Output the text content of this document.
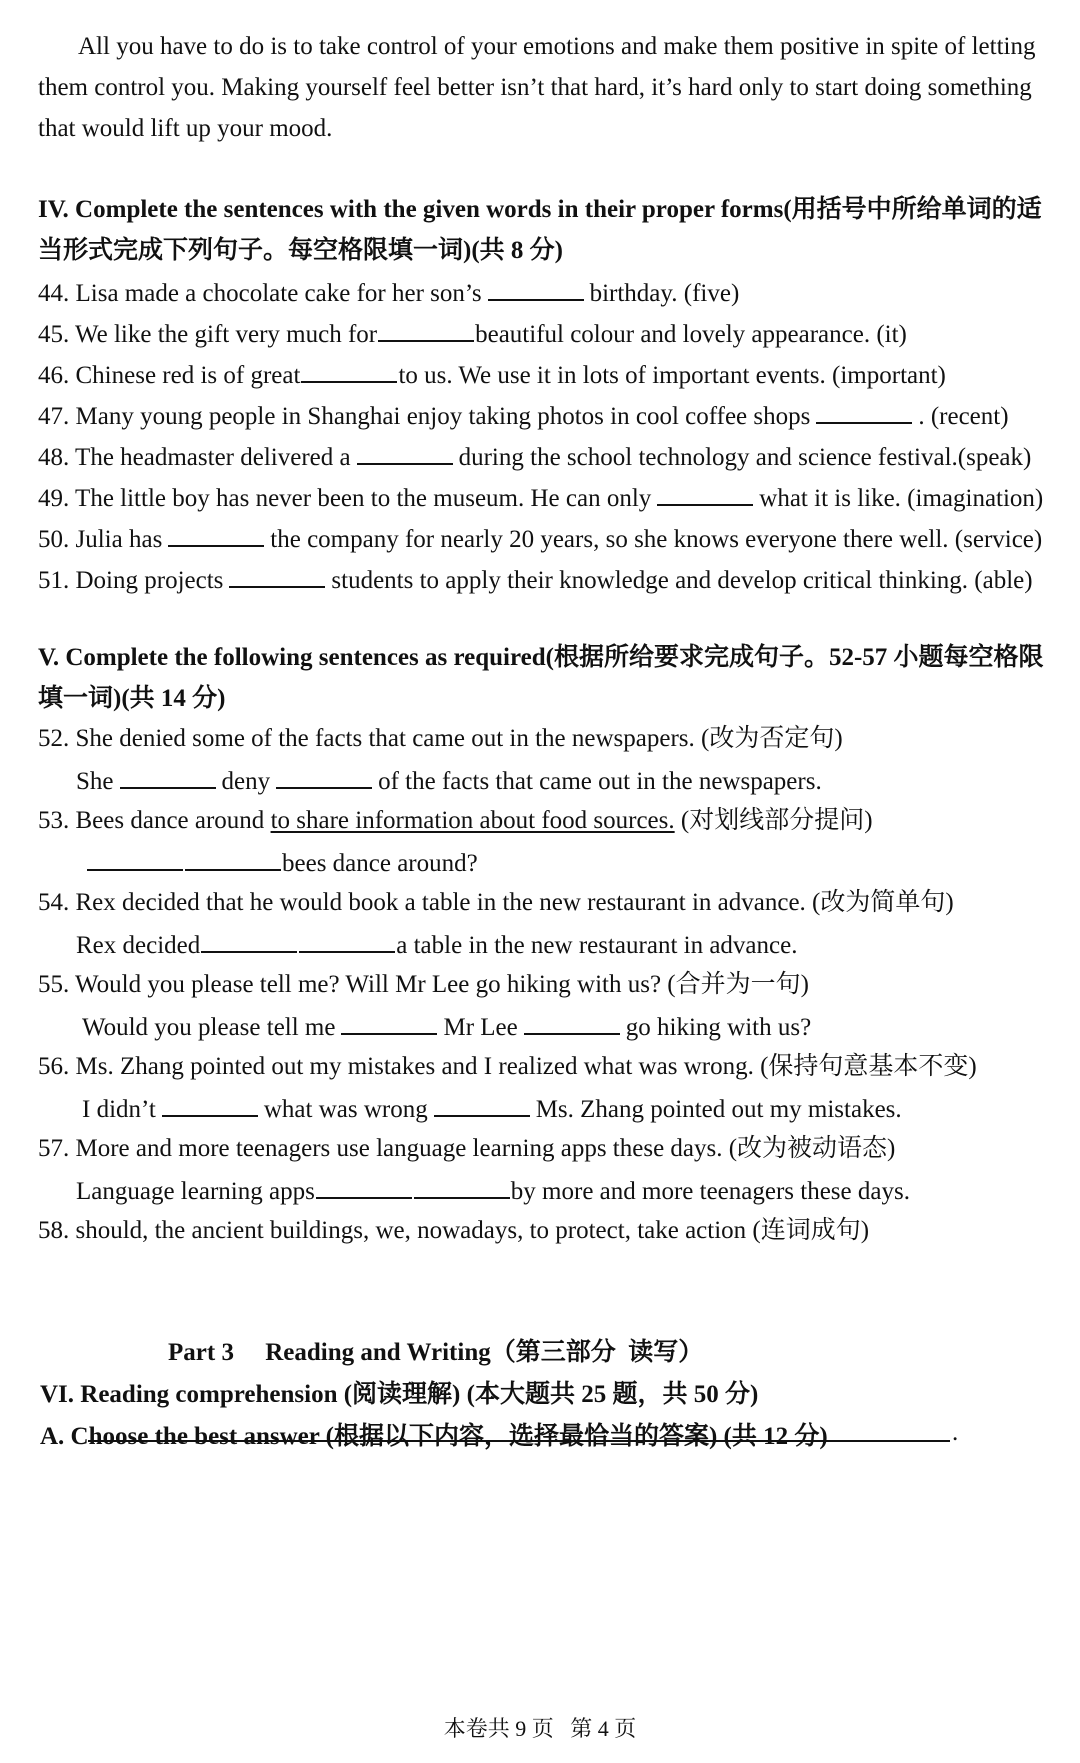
All you have to do is to take control of your emotions and make them positive in spite of letting
them control you. Making yourself feel better isn’t that hard, it’s hard only to start doing something
that would lift up your mood.
IV. Complete the sentences with the given words in their proper forms(用括号中所给单词的适
当形式完成下列句子。每空格限填一词)(共 8 分)
44. Lisa made a chocolate cake for her son’s	birthday. (five)
45. We like the gift very much for	beautiful colour and lovely appearance. (it)
46. Chinese red is of great	to us. We use it in lots of important events. (important)
47. Many young people in Shanghai enjoy taking photos in cool coffee shops	. (recent)
48. The headmaster delivered a	during the school technology and science festival.(speak)
49. The little boy has never been to the museum. He can only	what it is like. (imagination)
50. Julia has	the company for nearly 20 years, so she knows everyone there well. (service)
51. Doing projects	students to apply their knowledge and develop critical thinking. (able)
V. Complete the following sentences as required(根据所给要求完成句子。52-57 小题每空格限
填一词)(共 14 分)
52. She denied some of the facts that came out in the newspapers. (改为否定句)
She	deny	of the facts that came out in the newspapers.
53. Bees dance around to share information about food sources. (对划线部分提问)
bees dance around?
54. Rex decided that he would book a table in the new restaurant in advance. (改为简单句)
Rex decided	a table in the new restaurant in advance.
55. Would you please tell me? Will Mr Lee go hiking with us? (合并为一句)
Would you please tell me	Mr Lee	go hiking with us?
56. Ms. Zhang pointed out my mistakes and I realized what was wrong. (保持句意基本不变)
I didn’t	what was wrong	Ms. Zhang pointed out my mistakes.
57. More and more teenagers use language learning apps these days. (改为被动语态)
Language learning apps	by more and more teenagers these days.
58. should, the ancient buildings, we, nowadays, to protect, take action (连词成句)
.
Part 3     Reading and Writing（第三部分  读写）
VI. Reading comprehension (阅读理解) (本大题共 25 题，共 50 分)
A. Choose the best answer (根据以下内容，选择最恰当的答案) (共 12 分)
本卷共 9 页   第 4 页
